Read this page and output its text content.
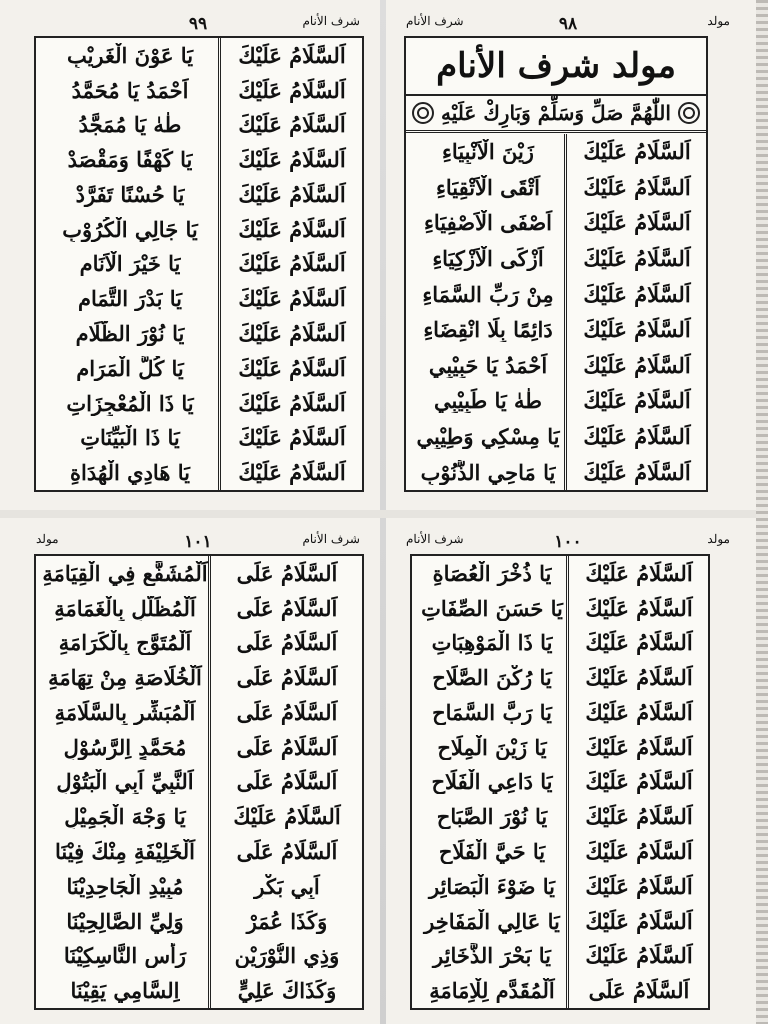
شرف الأنام
٩٩
اَلسَّلَامُ عَلَيْكَ
يَا عَوْنَ الْغَرِيْبِ
اَلسَّلَامُ عَلَيْكَ
اَحْمَدُ يَا مُحَمَّدُ
اَلسَّلَامُ عَلَيْكَ
طٰهٰ يَا مُمَجَّدُ
اَلسَّلَامُ عَلَيْكَ
يَا كَهْفًا وَمَقْصَدْ
اَلسَّلَامُ عَلَيْكَ
يَا حُسْنًا تَفَرَّدْ
اَلسَّلَامُ عَلَيْكَ
يَا جَالِي الْكُرُوْبِ
اَلسَّلَامُ عَلَيْكَ
يَا خَيْرَ الْاَنَامِ
اَلسَّلَامُ عَلَيْكَ
يَا بَدْرَ التَّمَامِ
اَلسَّلَامُ عَلَيْكَ
يَا نُوْرَ الظَّلَامِ
اَلسَّلَامُ عَلَيْكَ
يَا كُلَّ الْمَرَامِ
اَلسَّلَامُ عَلَيْكَ
يَا ذَا الْمُعْجِزَاتِ
اَلسَّلَامُ عَلَيْكَ
يَا ذَا الْبَيِّنَاتِ
اَلسَّلَامُ عَلَيْكَ
يَا هَادِي الْهُدَاةِ
مولد
٩٨
شرف الأنام
مولد شرف الأنام
اللّٰهُمَّ صَلِّ وَسَلِّمْ وَبَارِكْ عَلَيْهِ
اَلسَّلَامُ عَلَيْكَ
زَيْنَ الْاَنْبِيَاءِ
اَلسَّلَامُ عَلَيْكَ
اَتْقَى الْاَتْقِيَاءِ
اَلسَّلَامُ عَلَيْكَ
اَصْفَى الْاَصْفِيَاءِ
اَلسَّلَامُ عَلَيْكَ
اَزْكَى الْاَزْكِيَاءِ
اَلسَّلَامُ عَلَيْكَ
مِنْ رَبِّ السَّمَاءِ
اَلسَّلَامُ عَلَيْكَ
دَائِمًا بِلَا انْقِضَاءِ
اَلسَّلَامُ عَلَيْكَ
اَحْمَدُ يَا حَبِيْبِي
اَلسَّلَامُ عَلَيْكَ
طٰهٰ يَا طَبِيْبِي
اَلسَّلَامُ عَلَيْكَ
يَا مِسْكِي وَطِيْبِي
اَلسَّلَامُ عَلَيْكَ
يَا مَاحِي الذُّنُوْبِ
شرف الأنام
١٠١
مولد
اَلسَّلَامُ عَلَى
اَلْمُشَفَّعِ فِي الْقِيَامَةِ
اَلسَّلَامُ عَلَى
اَلْمُظَلَّلِ بِالْغَمَامَةِ
اَلسَّلَامُ عَلَى
اَلْمُتَوَّجِ بِالْكَرَامَةِ
اَلسَّلَامُ عَلَى
اَلْخُلَاصَةِ مِنْ تِهَامَةِ
اَلسَّلَامُ عَلَى
اَلْمُبَشِّرِ بِالسَّلَامَةِ
اَلسَّلَامُ عَلَى
مُحَمَّدٍ اِلرَّسُوْلِ
اَلسَّلَامُ عَلَى
اَلنَّبِيِّ اَبِي الْبَتُوْلِ
اَلسَّلَامُ عَلَيْكَ
يَا وَجْهَ الْجَمِيْلِ
اَلسَّلَامُ عَلَى
اَلْخَلِيْفَةِ مِنْكَ فِيْنَا
اَبِي بَكْرٍ
مُبِيْدِ الْجَاحِدِيْنَا
وَكَذَا عُمَرْ
وَلِيِّ الصَّالِحِيْنَا
وَذِي النُّوْرَيْنِ
رَأْسِ النَّاسِكِيْنَا
وَكَذَاكَ عَلِيٍّ
اِلسَّامِي يَقِيْنَا
مولد
١٠٠
شرف الأنام
اَلسَّلَامُ عَلَيْكَ
يَا ذُخْرَ الْعُصَاةِ
اَلسَّلَامُ عَلَيْكَ
يَا حَسَنَ الصِّفَاتِ
اَلسَّلَامُ عَلَيْكَ
يَا ذَا الْمَوْهِبَاتِ
اَلسَّلَامُ عَلَيْكَ
يَا رُكْنَ الصَّلَاحِ
اَلسَّلَامُ عَلَيْكَ
يَا رَبَّ السَّمَاحِ
اَلسَّلَامُ عَلَيْكَ
يَا زَيْنَ الْمِلَاحِ
اَلسَّلَامُ عَلَيْكَ
يَا دَاعِي الْفَلَاحِ
اَلسَّلَامُ عَلَيْكَ
يَا نُوْرَ الصَّبَاحِ
اَلسَّلَامُ عَلَيْكَ
يَا حَيَّ الْفَلَاحِ
اَلسَّلَامُ عَلَيْكَ
يَا ضَوْءَ الْبَصَائِرِ
اَلسَّلَامُ عَلَيْكَ
يَا عَالِي الْمَفَاخِرِ
اَلسَّلَامُ عَلَيْكَ
يَا بَحْرَ الذَّخَائِرِ
اَلسَّلَامُ عَلَى
اَلْمُقَدَّمِ لِلْاِمَامَةِ
